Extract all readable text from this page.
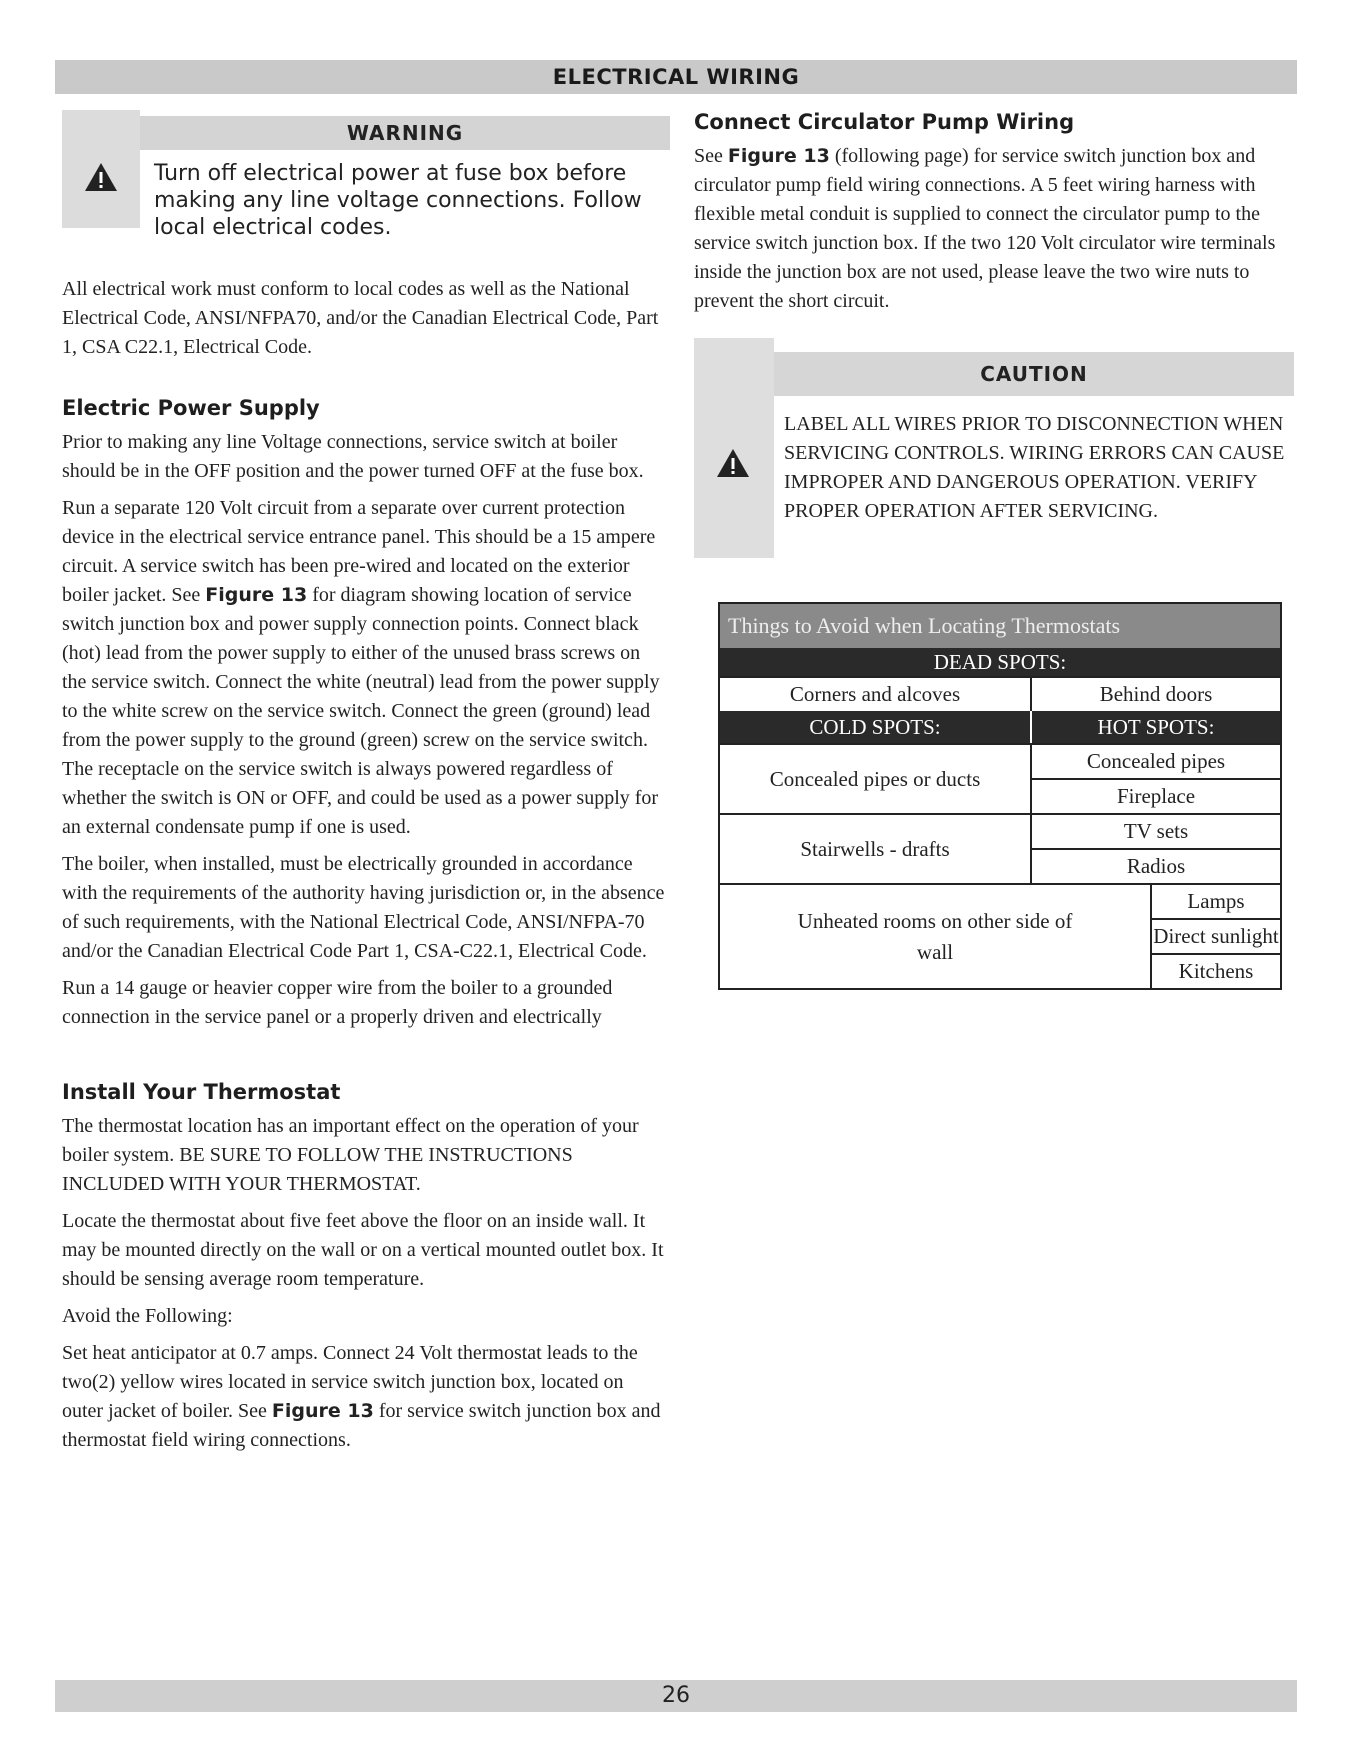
ELECTRICAL WIRING
WARNING
Turn off electrical power at fuse box before making any line voltage connections. Follow local electrical codes.

All electrical work must conform to local codes as well as the National Electrical Code, ANSI/NFPA70, and/or the Canadian Electrical Code, Part 1, CSA C22.1, Electrical Code.

Electric Power Supply

Prior to making any line Voltage connections, service switch at boiler should be in the OFF position and the power turned OFF at the fuse box.

Run a separate 120 Volt circuit from a separate over current protection device in the electrical service entrance panel. This should be a 15 ampere circuit. A service switch has been pre-wired and located on the exterior boiler jacket. See Figure 13 for diagram showing location of service switch junction box and power supply connection points. Connect black (hot) lead from the power supply to either of the unused brass screws on the service switch. Connect the white (neutral) lead from the power supply to the white screw on the service switch. Connect the green (ground) lead from the power supply to the ground (green) screw on the service switch. The receptacle on the service switch is always powered regardless of whether the switch is ON or OFF, and could be used as a power supply for an external condensate pump if one is used.

The boiler, when installed, must be electrically grounded in accordance with the requirements of the authority having jurisdiction or, in the absence of such requirements, with the National Electrical Code, ANSI/NFPA-70 and/or the Canadian Electrical Code Part 1, CSA-C22.1, Electrical Code.

Run a 14 gauge or heavier copper wire from the boiler to a grounded connection in the service panel or a properly driven and electrically

Install Your Thermostat

The thermostat location has an important effect on the operation of your boiler system. BE SURE TO FOLLOW THE INSTRUCTIONS INCLUDED WITH YOUR THERMOSTAT.

Locate the thermostat about five feet above the floor on an inside wall. It may be mounted directly on the wall or on a vertical mounted outlet box. It should be sensing average room temperature.

Avoid the Following:

Set heat anticipator at 0.7 amps. Connect 24 Volt thermostat leads to the two(2) yellow wires located in service switch junction box, located on outer jacket of boiler. See Figure 13 for service switch junction box and thermostat field wiring connections.

Connect Circulator Pump Wiring

See Figure 13 (following page) for service switch junction box and circulator pump field wiring connections. A 5 feet wiring harness with flexible metal conduit is supplied to connect the circulator pump to the service switch junction box. If the two 120 Volt circulator wire terminals inside the junction box are not used, please leave the two wire nuts to prevent the short circuit.

CAUTION
LABEL ALL WIRES PRIOR TO DISCONNECTION WHEN SERVICING CONTROLS. WIRING ERRORS CAN CAUSE IMPROPER AND DANGEROUS OPERATION. VERIFY PROPER OPERATION AFTER SERVICING.
Things to Avoid when Locating Thermostats
DEAD SPOTS:
Corners and alcoves	Behind doors
COLD SPOTS:	HOT SPOTS:
Concealed pipes or ducts
Concealed pipes
Fireplace
Stairwells - drafts
TV sets
Radios
Unheated rooms on other side of wall
Lamps
Direct sunlight
Kitchens
26
